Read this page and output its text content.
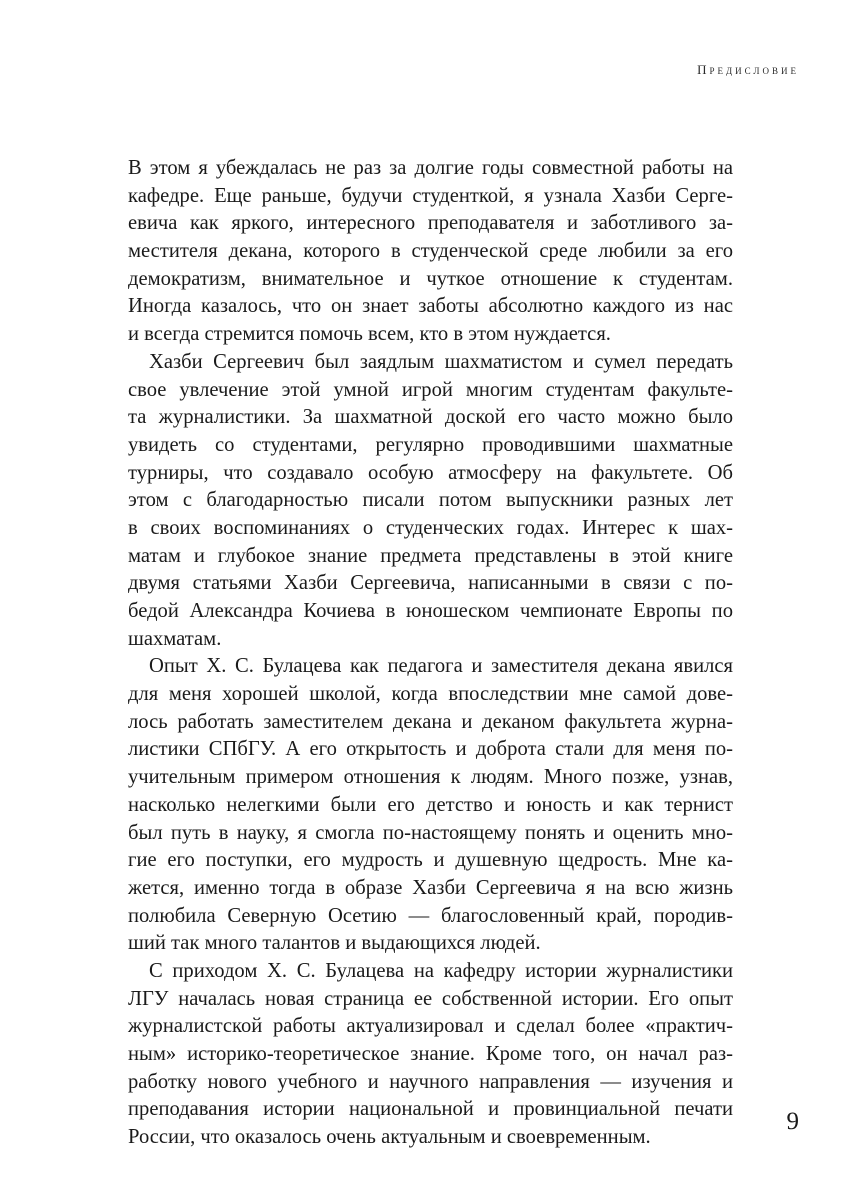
Предисловие
В этом я убеждалась не раз за долгие годы совместной работы на
кафедре. Еще раньше, будучи студенткой, я узнала Хазби Серге-
евича как яркого, интересного преподавателя и заботливого за-
местителя декана, которого в студенческой среде любили за его
демократизм, внимательное и чуткое отношение к студентам.
Иногда казалось, что он знает заботы абсолютно каждого из нас
и всегда стремится помочь всем, кто в этом нуждается.
Хазби Сергеевич был заядлым шахматистом и сумел передать
свое увлечение этой умной игрой многим студентам факульте-
та журналистики. За шахматной доской его часто можно было
увидеть со студентами, регулярно проводившими шахматные
турниры, что создавало особую атмосферу на факультете. Об
этом с благодарностью писали потом выпускники разных лет
в своих воспоминаниях о студенческих годах. Интерес к шах-
матам и глубокое знание предмета представлены в этой книге
двумя статьями Хазби Сергеевича, написанными в связи с по-
бедой Александра Кочиева в юношеском чемпионате Европы по
шахматам.
Опыт Х. С. Булацева как педагога и заместителя декана явился
для меня хорошей школой, когда впоследствии мне самой дове-
лось работать заместителем декана и деканом факультета журна-
листики СПбГУ. А его открытость и доброта стали для меня по-
учительным примером отношения к людям. Много позже, узнав,
насколько нелегкими были его детство и юность и как тернист
был путь в науку, я смогла по-настоящему понять и оценить мно-
гие его поступки, его мудрость и душевную щедрость. Мне ка-
жется, именно тогда в образе Хазби Сергеевича я на всю жизнь
полюбила Северную Осетию — благословенный край, породив-
ший так много талантов и выдающихся людей.
С приходом Х. С. Булацева на кафедру истории журналистики
ЛГУ началась новая страница ее собственной истории. Его опыт
журналистской работы актуализировал и сделал более «практич-
ным» историко-теоретическое знание. Кроме того, он начал раз-
работку нового учебного и научного направления — изучения и
преподавания истории национальной и провинциальной печати
России, что оказалось очень актуальным и своевременным.
9
